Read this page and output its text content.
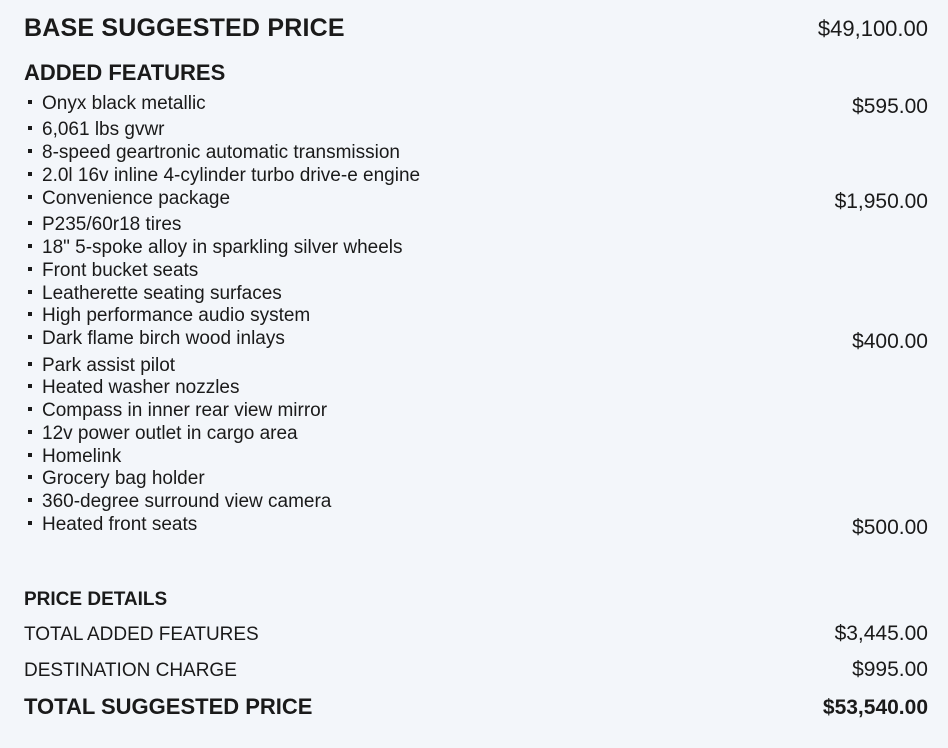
BASE SUGGESTED PRICE	$49,100.00
ADDED FEATURES
Onyx black metallic	$595.00
6,061 lbs gvwr
8-speed geartronic automatic transmission
2.0l 16v inline 4-cylinder turbo drive-e engine
Convenience package	$1,950.00
P235/60r18 tires
18" 5-spoke alloy in sparkling silver wheels
Front bucket seats
Leatherette seating surfaces
High performance audio system
Dark flame birch wood inlays	$400.00
Park assist pilot
Heated washer nozzles
Compass in inner rear view mirror
12v power outlet in cargo area
Homelink
Grocery bag holder
360-degree surround view camera
Heated front seats	$500.00
PRICE DETAILS
TOTAL ADDED FEATURES	$3,445.00
DESTINATION CHARGE	$995.00
TOTAL SUGGESTED PRICE	$53,540.00
